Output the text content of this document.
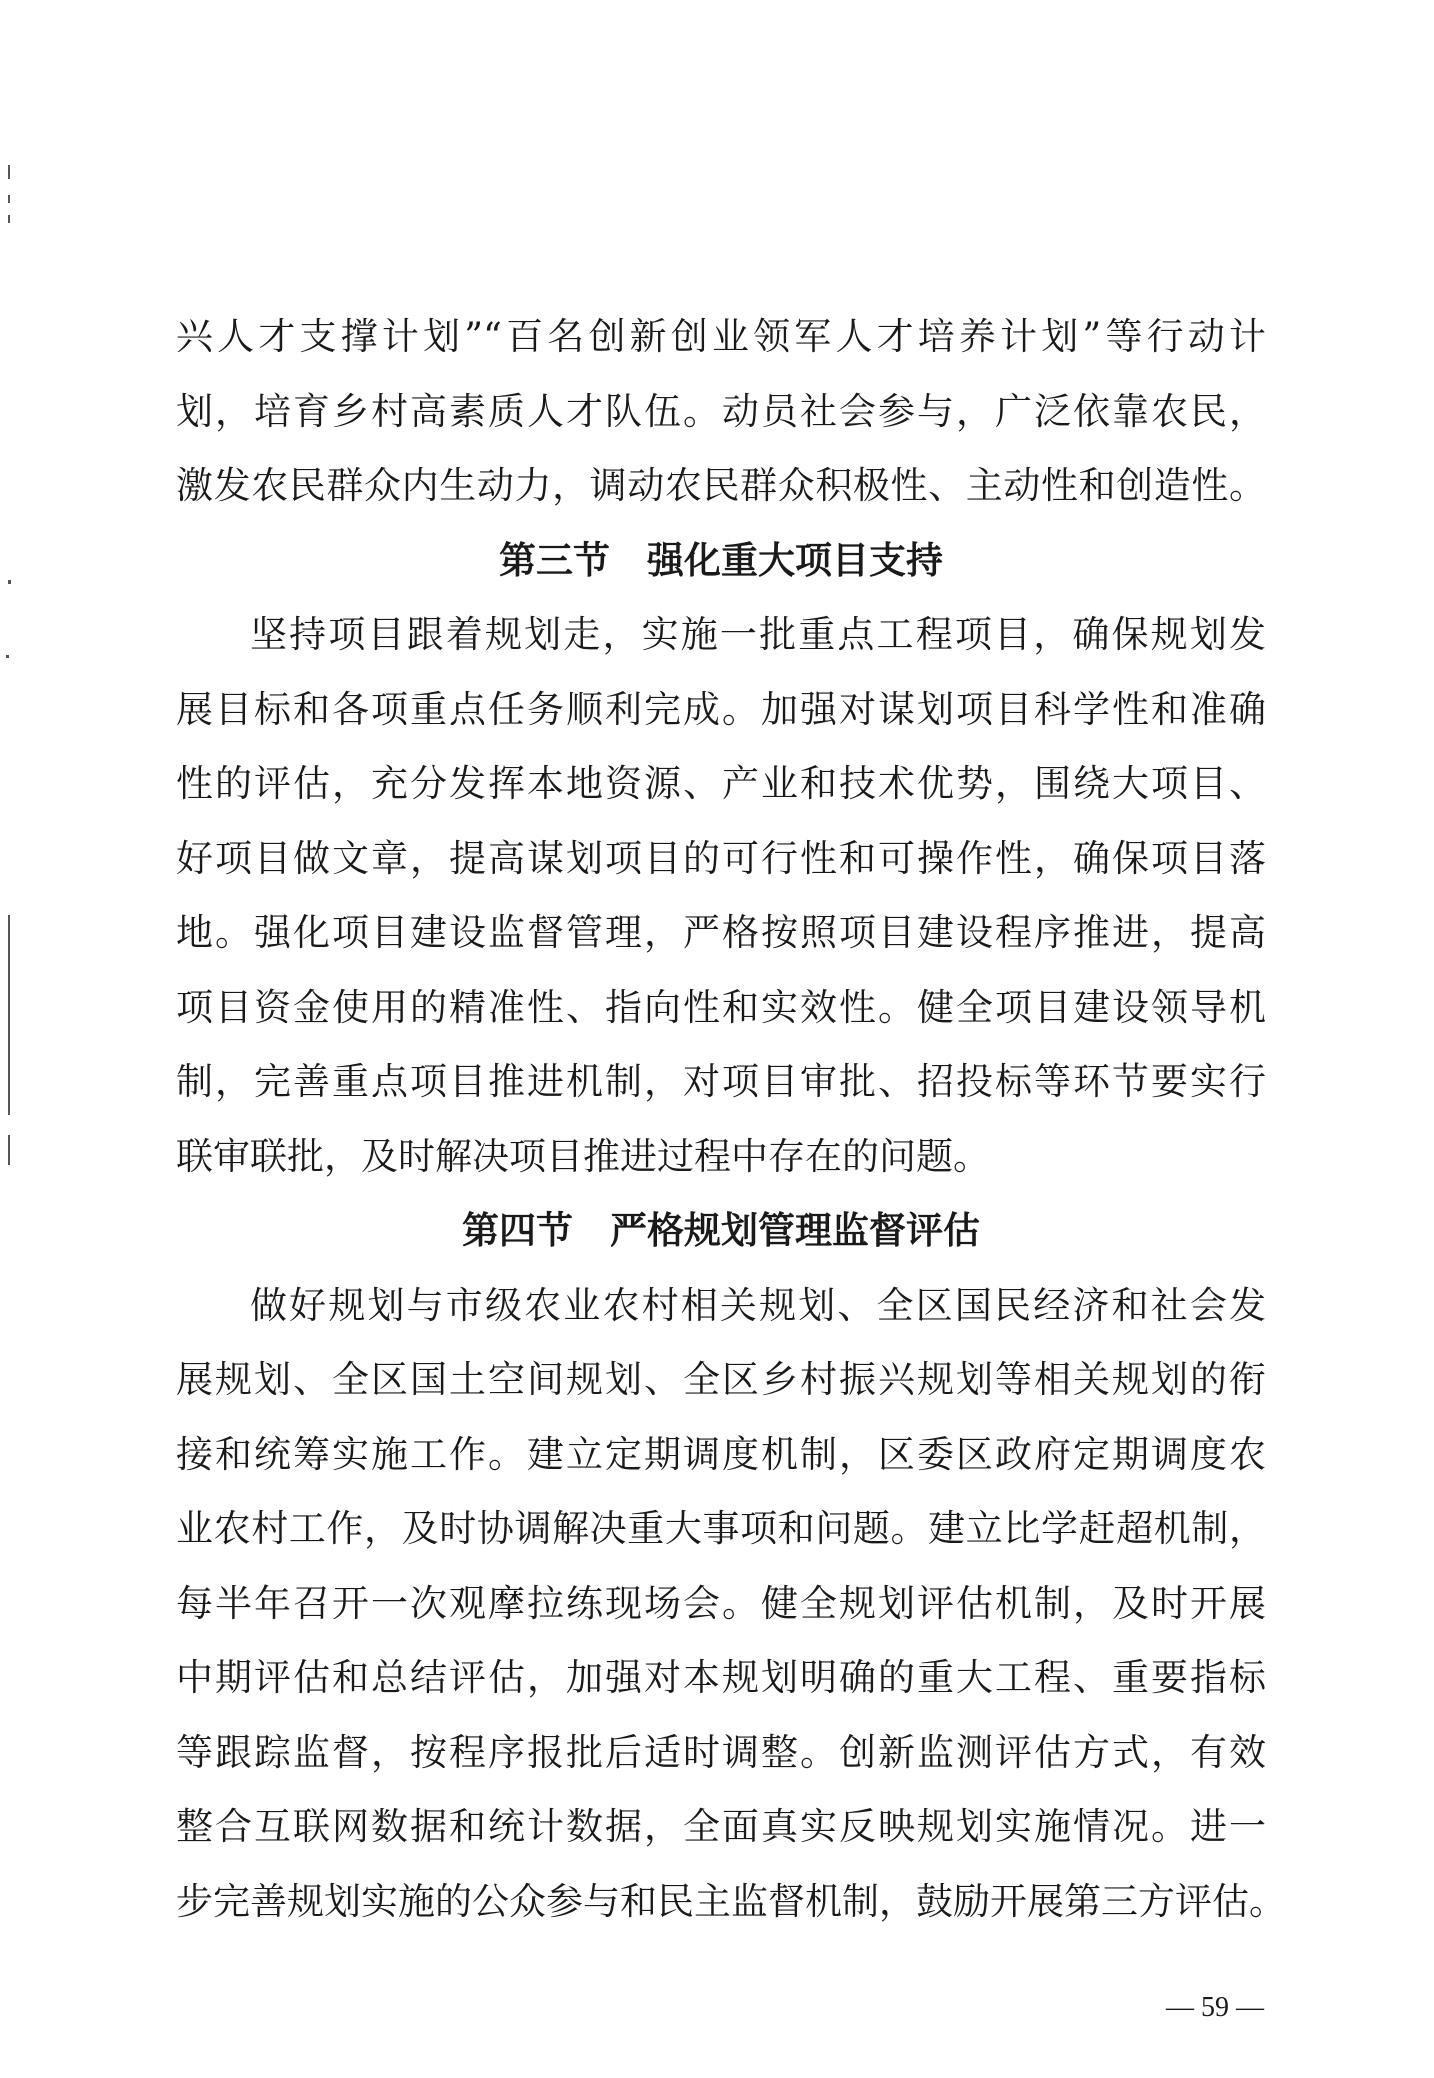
兴人才支撑计划”“百名创新创业领军人才培养计划”等行动计
划，培育乡村高素质人才队伍。动员社会参与，广泛依靠农民，
激发农民群众内生动力，调动农民群众积极性、主动性和创造性。
第三节　强化重大项目支持
坚持项目跟着规划走，实施一批重点工程项目，确保规划发
展目标和各项重点任务顺利完成。加强对谋划项目科学性和准确
性的评估，充分发挥本地资源、产业和技术优势，围绕大项目、
好项目做文章，提高谋划项目的可行性和可操作性，确保项目落
地。强化项目建设监督管理，严格按照项目建设程序推进，提高
项目资金使用的精准性、指向性和实效性。健全项目建设领导机
制，完善重点项目推进机制，对项目审批、招投标等环节要实行
联审联批，及时解决项目推进过程中存在的问题。
第四节　严格规划管理监督评估
做好规划与市级农业农村相关规划、全区国民经济和社会发
展规划、全区国土空间规划、全区乡村振兴规划等相关规划的衔
接和统筹实施工作。建立定期调度机制，区委区政府定期调度农
业农村工作，及时协调解决重大事项和问题。建立比学赶超机制，
每半年召开一次观摩拉练现场会。健全规划评估机制，及时开展
中期评估和总结评估，加强对本规划明确的重大工程、重要指标
等跟踪监督，按程序报批后适时调整。创新监测评估方式，有效
整合互联网数据和统计数据，全面真实反映规划实施情况。进一
步完善规划实施的公众参与和民主监督机制，鼓励开展第三方评估。
— 59 —
